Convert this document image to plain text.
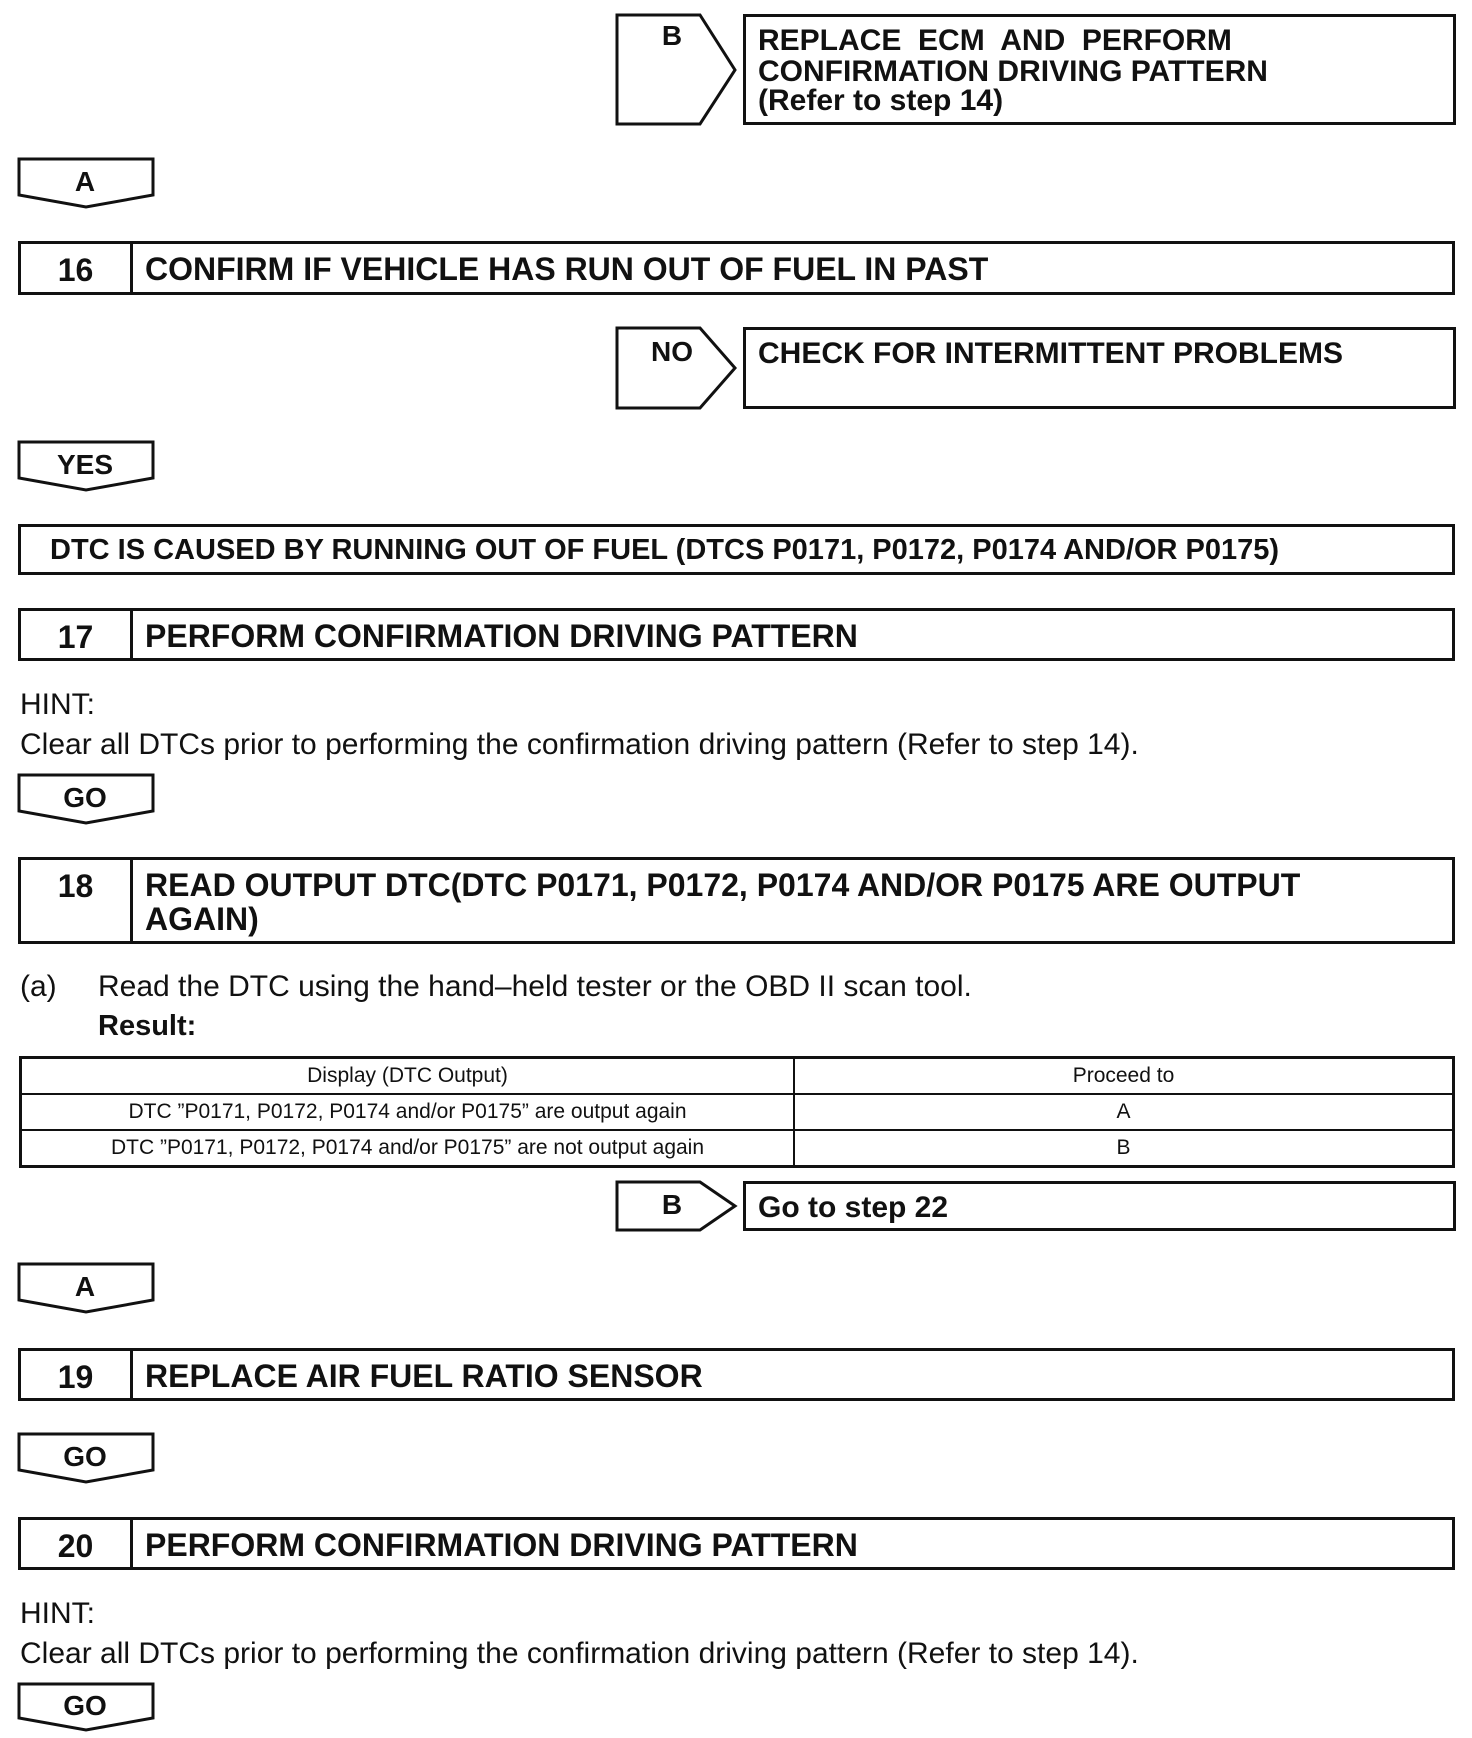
B	REPLACE  ECM  AND  PERFORM
CONFIRMATION DRIVING PATTERN
(Refer to step 14)
A
16	CONFIRM IF VEHICLE HAS RUN OUT OF FUEL IN PAST
NO	CHECK FOR INTERMITTENT PROBLEMS
YES
DTC IS CAUSED BY RUNNING OUT OF FUEL (DTCS P0171, P0172, P0174 AND/OR P0175)
17	PERFORM CONFIRMATION DRIVING PATTERN
HINT:
Clear all DTCs prior to performing the confirmation driving pattern (Refer to step 14).
GO
18	READ OUTPUT DTC(DTC P0171, P0172, P0174 AND/OR P0175 ARE OUTPUT
AGAIN)
(a) Read the DTC using the hand–held tester or the OBD II scan tool.
Result:
Display (DTC Output)	Proceed to
DTC ”P0171, P0172, P0174 and/or P0175” are output again	A
DTC ”P0171, P0172, P0174 and/or P0175” are not output again	B
B	Go to step 22
A
19	REPLACE AIR FUEL RATIO SENSOR
GO
20	PERFORM CONFIRMATION DRIVING PATTERN
HINT:
Clear all DTCs prior to performing the confirmation driving pattern (Refer to step 14).
GO
